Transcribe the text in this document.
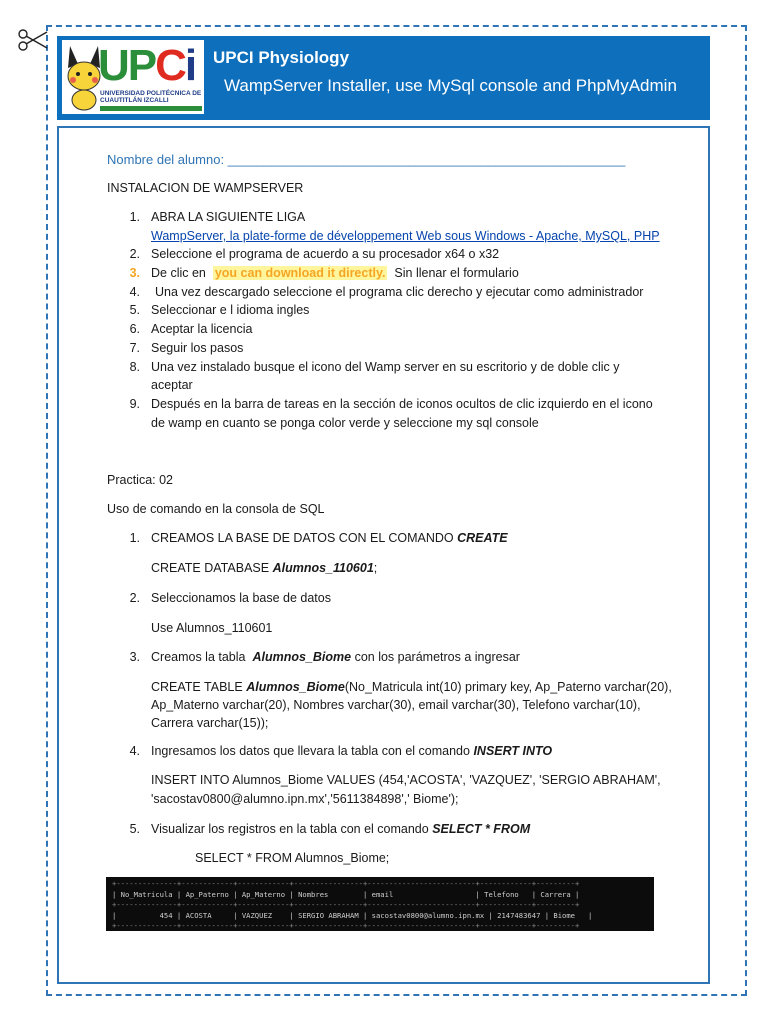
UPCi
UNIVERSIDAD POLITÉCNICA DE CUAUTITLÁN IZCALLI
UPCI Physiology
WampServer Installer, use MySql console and PhpMyAdmin
Nombre del alumno: _______________________________________________________
INSTALACION DE WAMPSERVER
1. ABRA LA SIGUIENTE LIGA
WampServer, la plate-forme de développement Web sous Windows - Apache, MySQL, PHP
2. Seleccione el programa de acuerdo a su procesador x64 o x32
3. De clic en you can download it directly. Sin llenar el formulario
4. Una vez descargado seleccione el programa clic derecho y ejecutar como administrador
5. Seleccionar e l idioma ingles
6. Aceptar la licencia
7. Seguir los pasos
8. Una vez instalado busque el icono del Wamp server en su escritorio y de doble clic y
aceptar
9. Después en la barra de tareas en la sección de iconos ocultos de clic izquierdo en el icono
de wamp en cuanto se ponga color verde y seleccione my sql console
Practica: 02
Uso de comando en la consola de SQL
1. CREAMOS LA BASE DE DATOS CON EL COMANDO CREATE
CREATE DATABASE Alumnos_110601;
2. Seleccionamos la base de datos
Use Alumnos_110601
3. Creamos la tabla Alumnos_Biome con los parámetros a ingresar
CREATE TABLE Alumnos_Biome(No_Matricula int(10) primary key, Ap_Paterno varchar(20),
Ap_Materno varchar(20), Nombres varchar(30), email varchar(30), Telefono varchar(10),
Carrera varchar(15));
4. Ingresamos los datos que llevara la tabla con el comando INSERT INTO
INSERT INTO Alumnos_Biome VALUES (454,'ACOSTA', 'VAZQUEZ', 'SERGIO ABRAHAM',
'sacostav0800@alumno.ipn.mx','5611384898',' Biome');
5. Visualizar los registros en la tabla con el comando SELECT * FROM
SELECT * FROM Alumnos_Biome;
+--------------+------------+------------+----------------+-------------------------+------------+---------+
| No_Matricula | Ap_Paterno | Ap_Materno | Nombres        | email                   | Telefono   | Carrera |
+--------------+------------+------------+----------------+-------------------------+------------+---------+
|          454 | ACOSTA     | VAZQUEZ    | SERGIO ABRAHAM | sacostav0800@alumno.ipn.mx | 2147483647 | Biome   |
+--------------+------------+------------+----------------+-------------------------+------------+---------+
